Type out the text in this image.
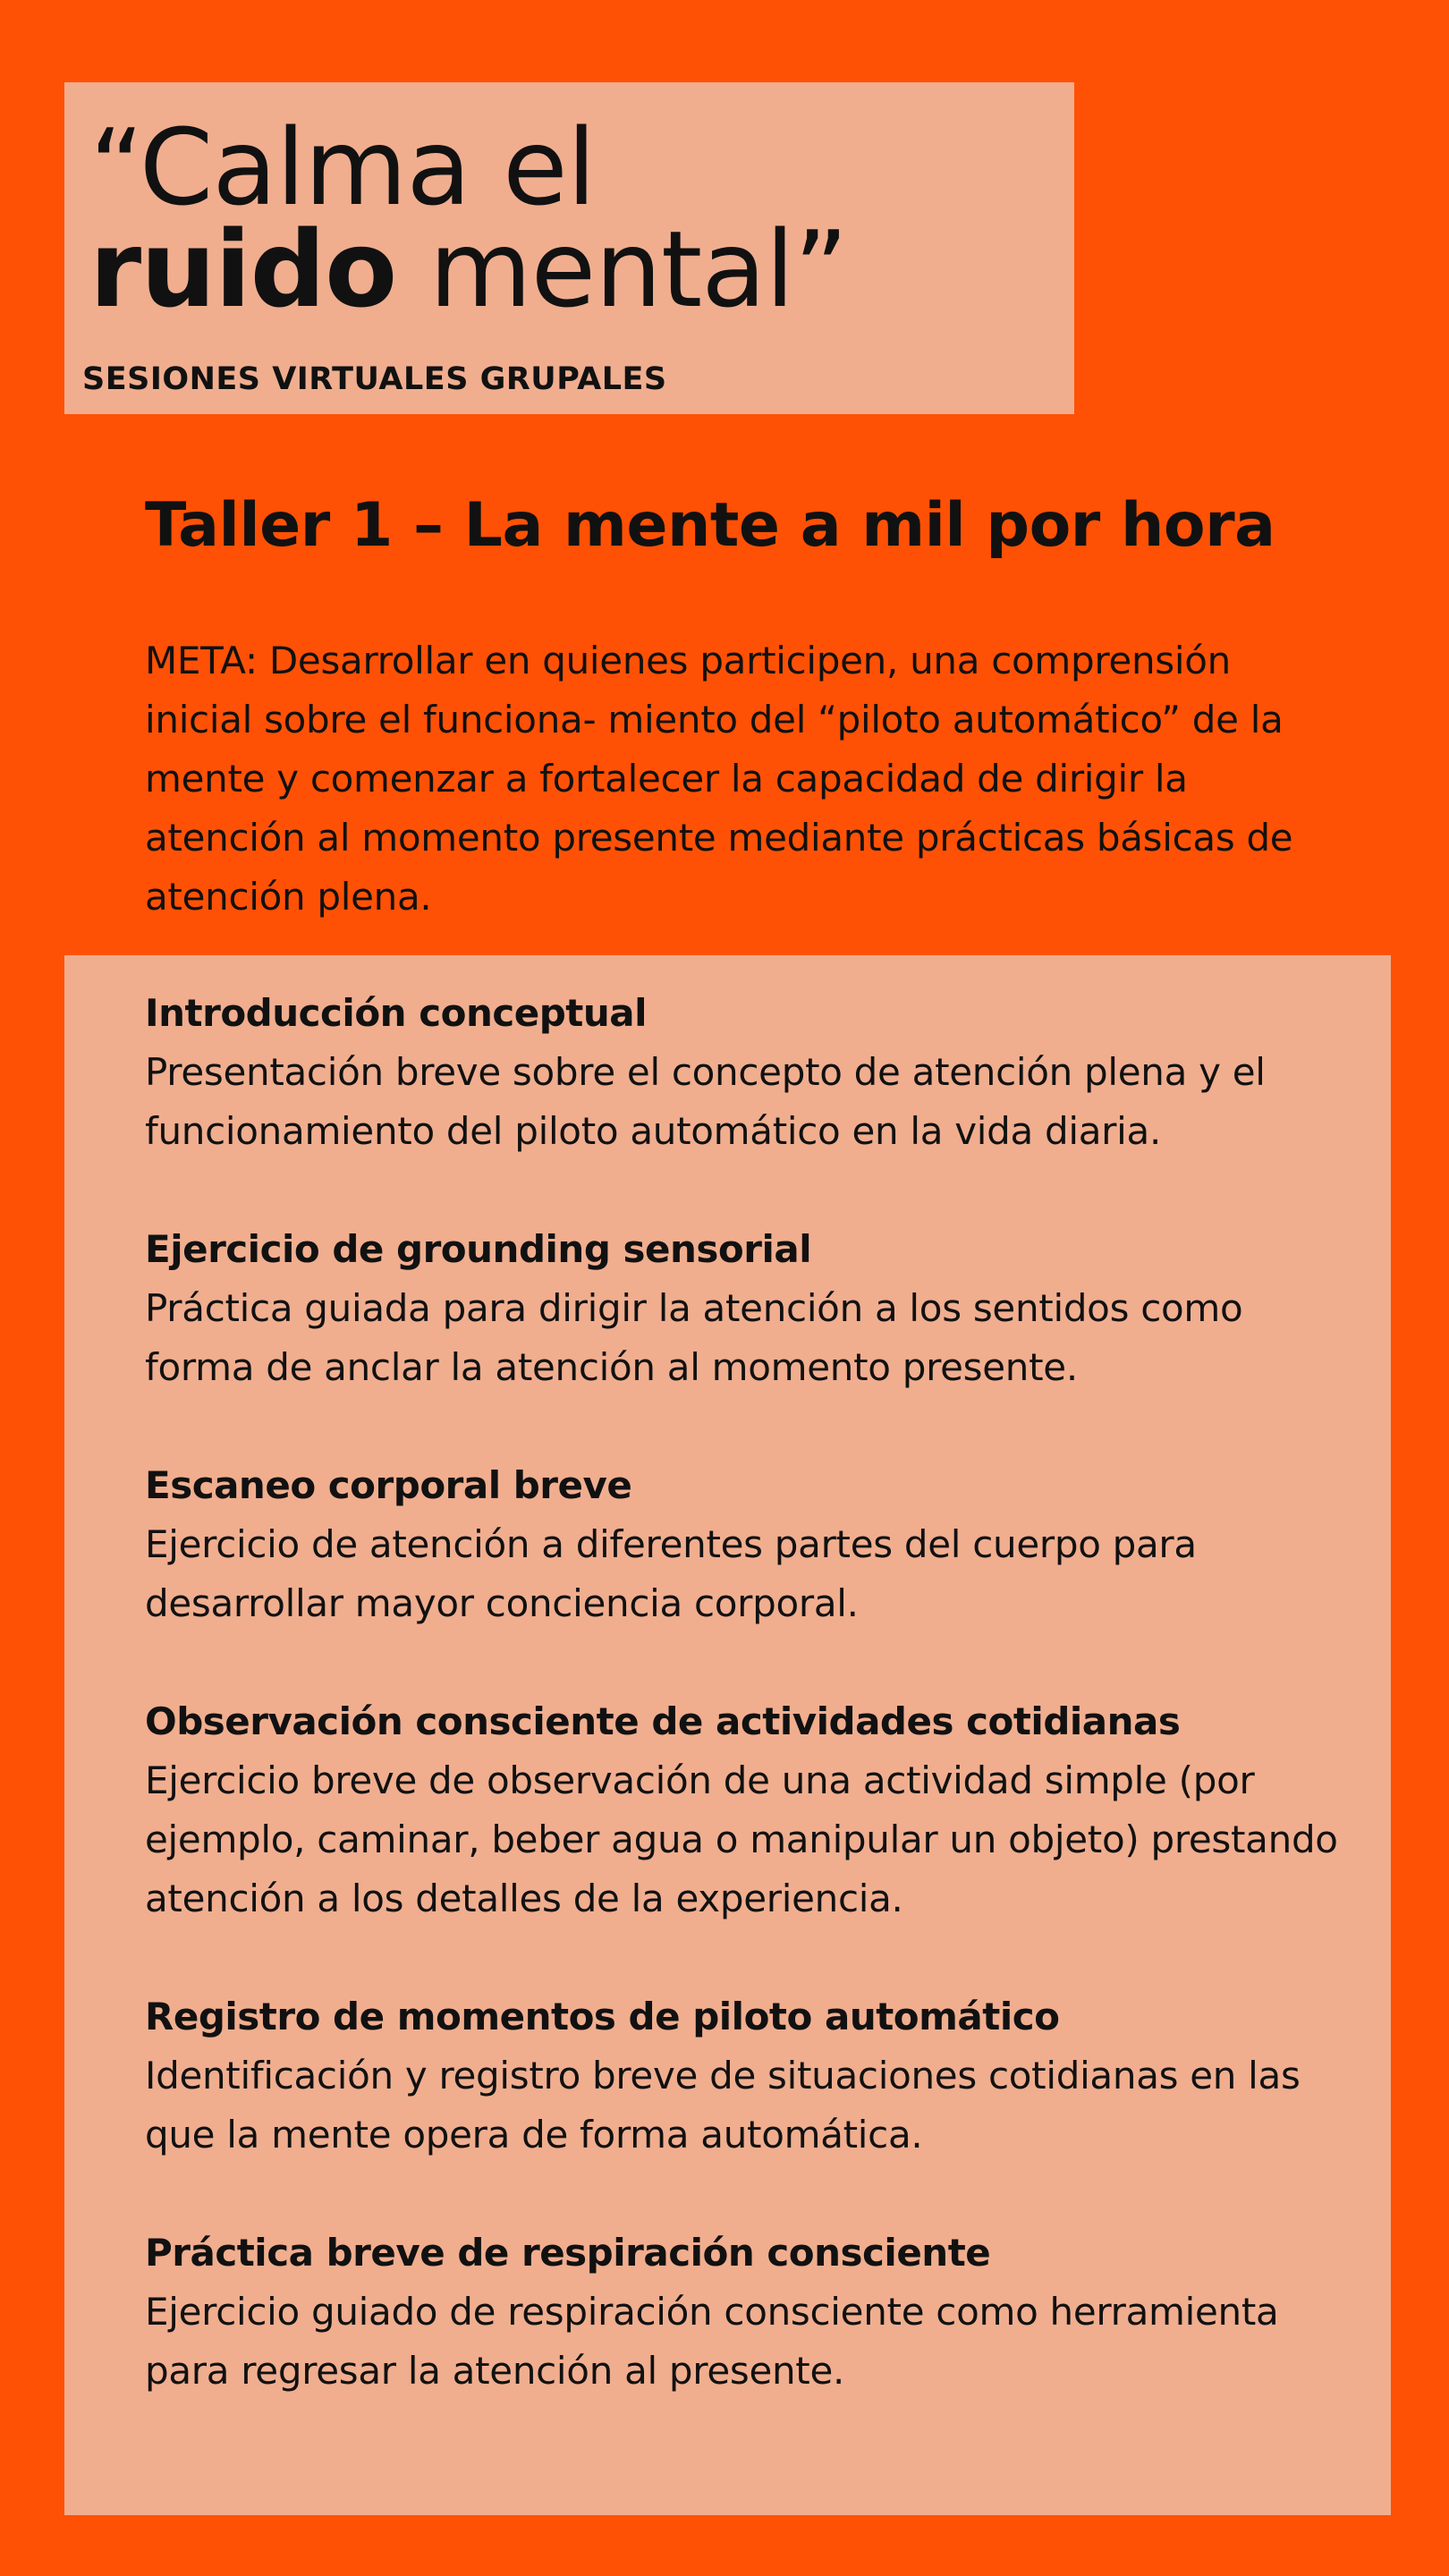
“Calma el
ruido mental”

SESIONES VIRTUALES GRUPALES

Taller 1 – La mente a mil por hora

META: Desarrollar en quienes participen, una comprensión inicial sobre el funciona- miento del “piloto automático” de la mente y comenzar a fortalecer la capacidad de dirigir la atención al momento presente mediante prácticas básicas de atención plena.

Introducción conceptual
Presentación breve sobre el concepto de atención plena y el funcionamiento del piloto automático en la vida diaria.
Ejercicio de grounding sensorial
Práctica guiada para dirigir la atención a los sentidos como forma de anclar la atención al momento presente.
Escaneo corporal breve
Ejercicio de atención a diferentes partes del cuerpo para desarrollar mayor conciencia corporal.
Observación consciente de actividades cotidianas
Ejercicio breve de observación de una actividad simple (por ejemplo, caminar, beber agua o manipular un objeto) prestando atención a los detalles de la experiencia.
Registro de momentos de piloto automático
Identificación y registro breve de situaciones cotidianas en las que la mente opera de forma automática.
Práctica breve de respiración consciente
Ejercicio guiado de respiración consciente como herramienta para regresar la atención al presente.
